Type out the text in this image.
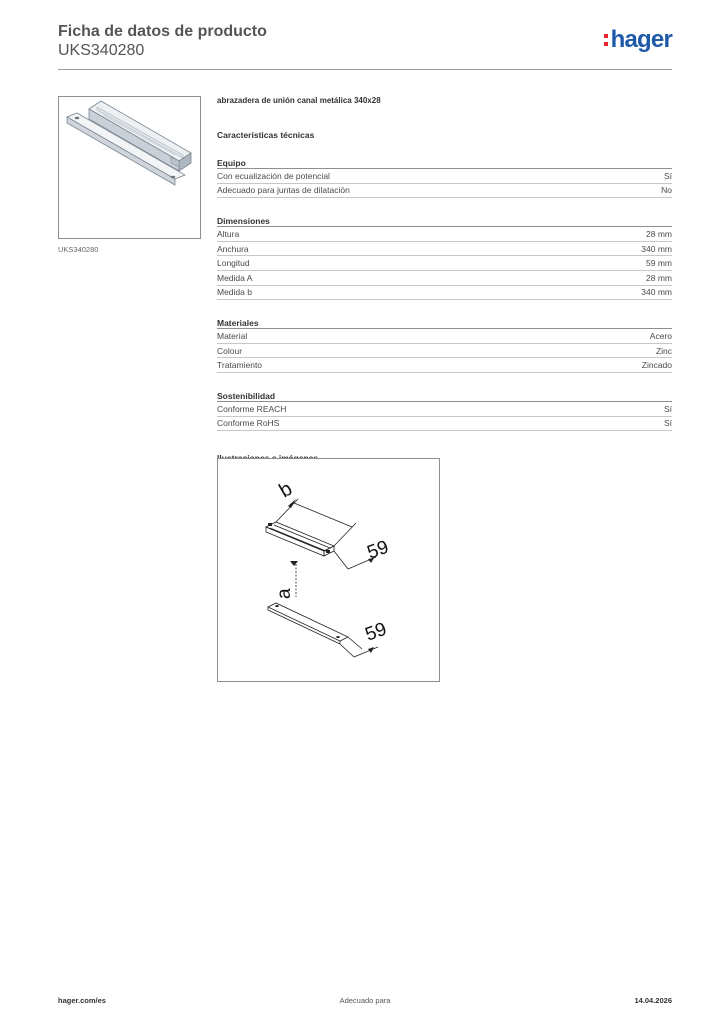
Ficha de datos de producto
UKS340280	hager
UKS340280
abrazadera de unión canal metálica 340x28
Características técnicas
Equipo
Con ecualización de potencial	Sí
Adecuado para juntas de dilatación	No
Dimensiones
Altura	28 mm
Anchura	340 mm
Longitud	59 mm
Medida A	28 mm
Medida b	340 mm
Materiales
Material	Acero
Colour	Zinc
Tratamiento	Zincado
Sostenibilidad
Conforme REACH	Sí
Conforme RoHS	Sí
b
59
a
59
hager.com/es	Adecuado para	14.04.2026
